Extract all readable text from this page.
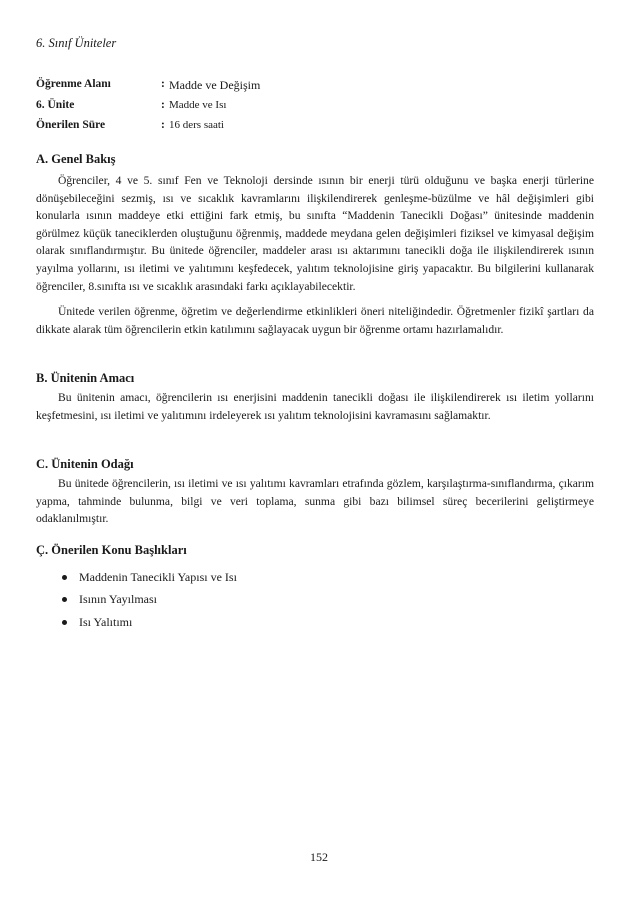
6. Sınıf Üniteler
Öğrenme Alanı	: Madde ve Değişim
6. Ünite	: Madde ve Isı
Önerilen Süre	: 16 ders saati
A. Genel Bakış
Öğrenciler, 4 ve 5. sınıf Fen ve Teknoloji dersinde ısının bir enerji türü olduğunu ve başka enerji türlerine dönüşebileceğini sezmiş, ısı ve sıcaklık kavramlarını ilişkilendirerek genleşme-büzülme ve hâl değişimleri gibi konularla ısının maddeye etki ettiğini fark etmiş, bu sınıfta “Maddenin Tanecikli Doğası” ünitesinde maddenin görülmez küçük taneciklerden oluştuğunu öğrenmiş, maddede meydana gelen değişimleri fiziksel ve kimyasal değişim olarak sınıflandırmıştır. Bu ünitede öğrenciler, maddeler arası ısı aktarımını tanecikli doğa ile ilişkilendirerek ısının yayılma yollarını, ısı iletimi ve yalıtımını keşfedecek, yalıtım teknolojisine giriş yapacaktır. Bu bilgilerini kullanarak öğrenciler, 8.sınıfta ısı ve sıcaklık arasındaki farkı açıklayabilecektir.
Ünitede verilen öğrenme, öğretim ve değerlendirme etkinlikleri öneri niteliğindedir. Öğretmenler fizikî şartları da dikkate alarak tüm öğrencilerin etkin katılımını sağlayacak uygun bir öğrenme ortamı hazırlamalıdır.
B. Ünitenin Amacı
Bu ünitenin amacı, öğrencilerin ısı enerjisini maddenin tanecikli doğası ile ilişkilendirerek ısı iletim yollarını keşfetmesini, ısı iletimi ve yalıtımını irdeleyerek ısı yalıtım teknolojisini kavramasını sağlamaktır.
C. Ünitenin Odağı
Bu ünitede öğrencilerin, ısı iletimi ve ısı yalıtımı kavramları etrafında gözlem, karşılaştırma-sınıflandırma, çıkarım yapma, tahminde bulunma, bilgi ve veri toplama, sunma gibi bazı bilimsel süreç becerilerini geliştirmeye odaklanılmıştır.
Ç. Önerilen Konu Başlıkları
Maddenin Tanecikli Yapısı ve Isı
Isının Yayılması
Isı Yalıtımı
152
